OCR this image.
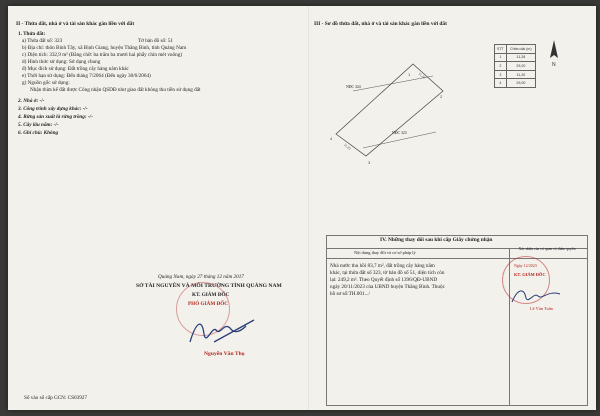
II - Thửa đất, nhà ở và tài sản khác gắn liền với đất
1. Thửa đất:
a) Thửa đất số: 323	Tờ bản đồ số: 51
b) Địa chỉ: thôn Bình Tây, xã Bình Giang, huyện Thăng Bình, tỉnh Quảng Nam
c) Diện tích: 332,9 m² (Bằng chữ: ba trăm ba mươi hai phẩy chín mét vuông)
d) Hình thức sử dụng: Sử dụng chung
đ) Mục đích sử dụng: Đất trồng cây hàng năm khác
e) Thời hạn sử dụng: Đến tháng 7/2064 (Đến ngày 30/6/2064)
g) Nguồn gốc sử dụng:
Nhận thừa kế đất được Công nhận QSDĐ như giao đất không thu tiền sử dụng đất
2. Nhà ở: -/-
3. Công trình xây dựng khác: -/-
4. Rừng sản xuất là rừng trồng: -/-
5. Cây lâu năm: -/-
6. Ghi chú: Không
Quảng Nam, ngày 27 tháng 12 năm 2017
SỞ TÀI NGUYÊN VÀ MÔI TRƯỜNG TỈNH QUẢNG NAM
KT. GIÁM ĐỐC
PHÓ GIÁM ĐỐC
Nguyễn Văn Thọ
Số vào sổ cấp GCN: CS03927
III - Sơ đồ thửa đất, nhà ở và tài sản khác gắn liền với đất
1
2
3
4
11,28
11,20
N
NĐC 324
NĐC 323
STT	Chiều dài (m)
1	11,28
2	29,20
3	11,20
4	29,00
IV. Những thay đổi sau khi cấp Giấy chứng nhận
Nội dung thay đổi và cơ sở pháp lý
Xác nhận của cơ quan có thẩm quyền
Nhà nước thu hồi 83,7 m², đất trồng cây hàng năm
khác, tại thửa đất số 323, tờ bản đồ số 51, diện tích còn
lại: 249,2 m². Theo Quyết định số 1396/QĐ-UBND
ngày 20/11/2023 của UBND huyện Thăng Bình. Thuộc
hồ sơ số:TH.001.../
Ngày 12/2023
KT. GIÁM ĐỐC
Lê Văn Tuấn
